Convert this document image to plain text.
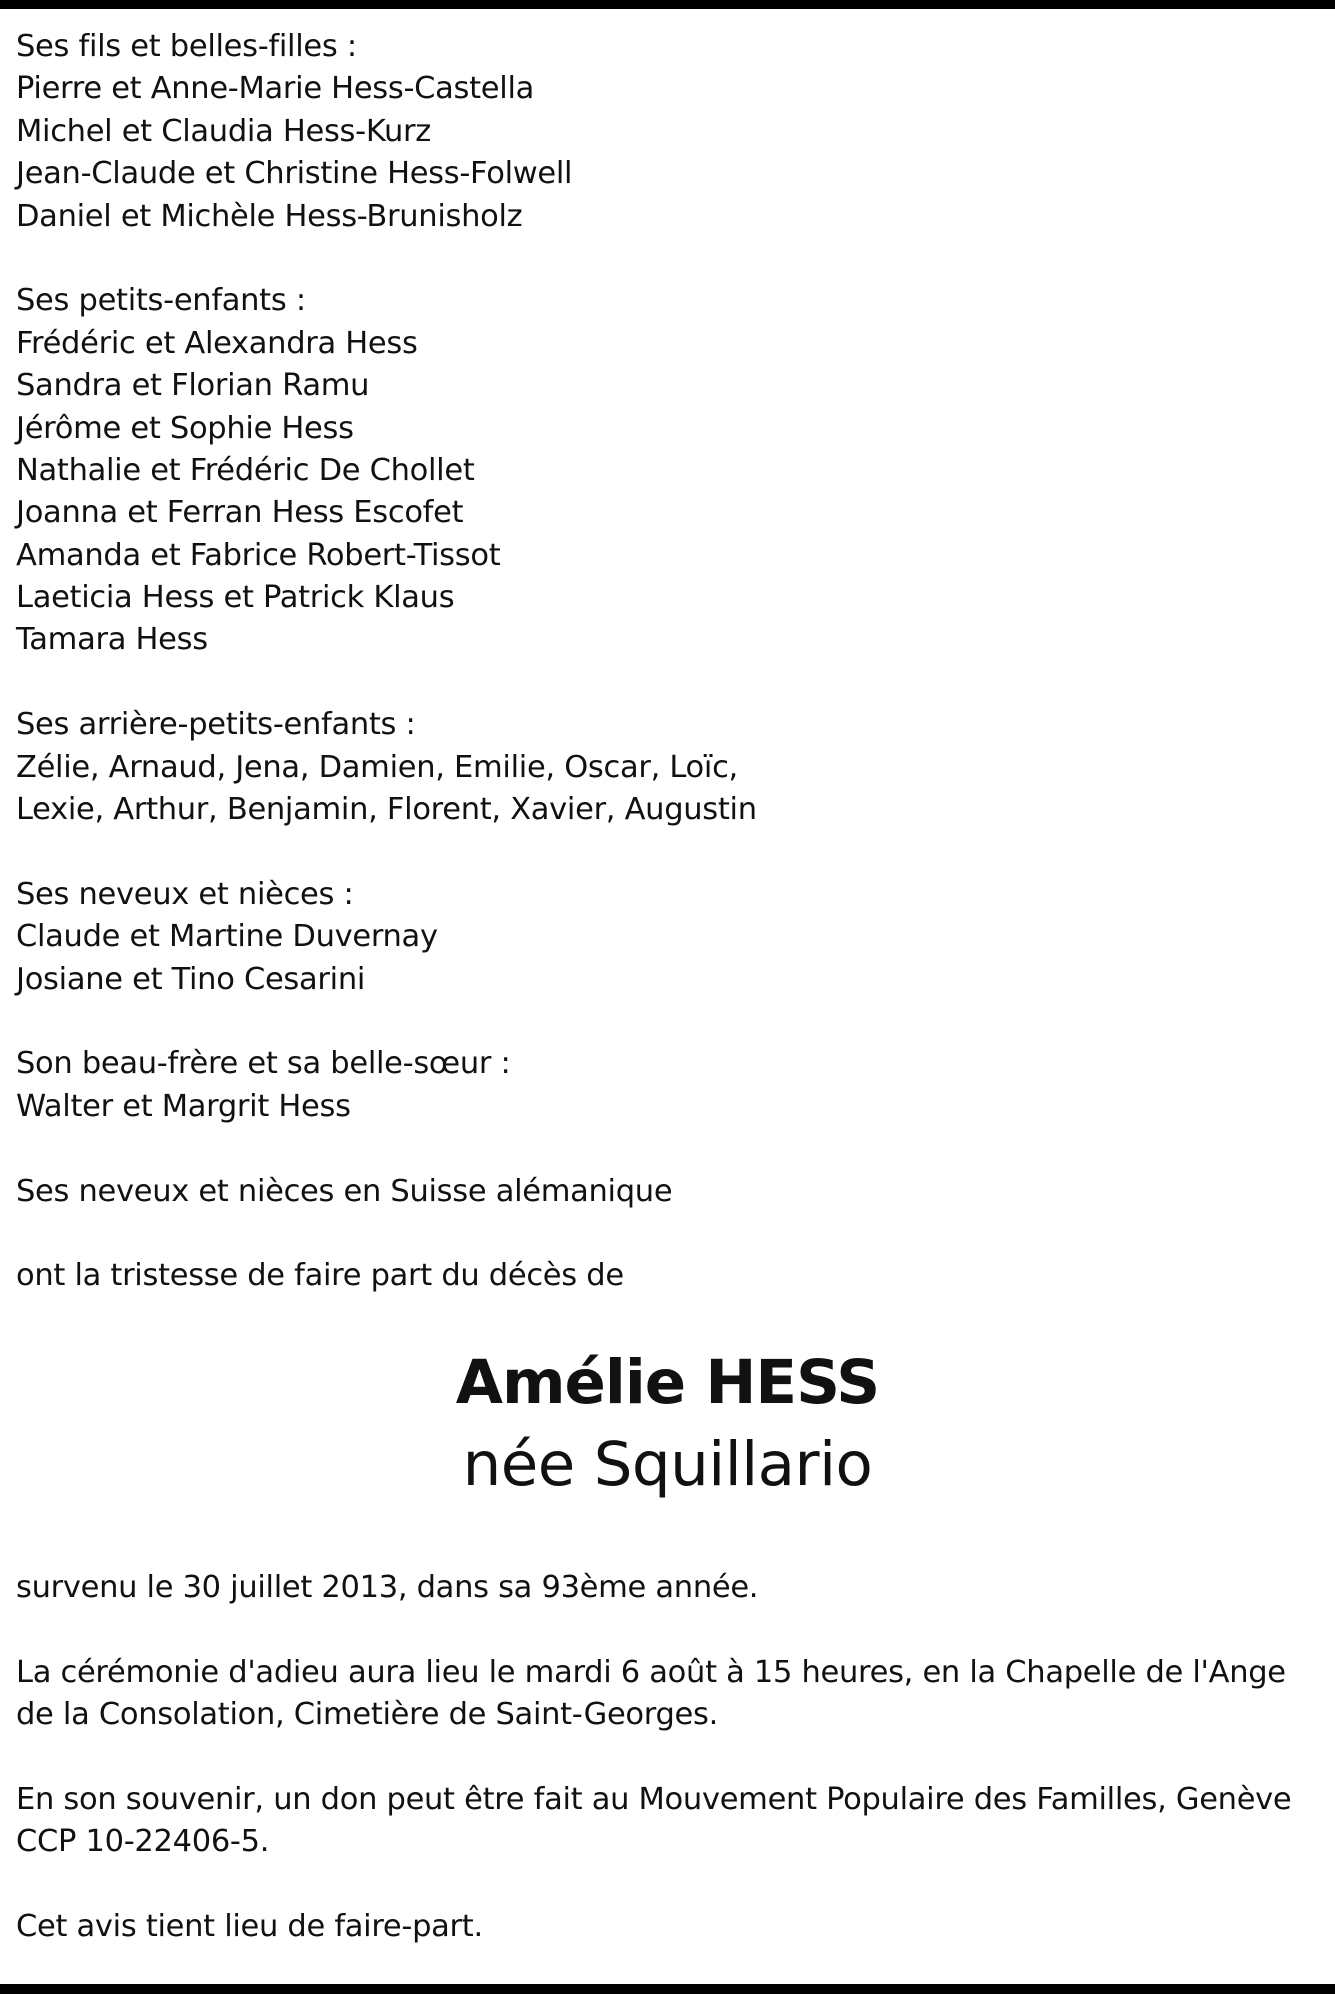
Ses fils et belles-filles :
Pierre et Anne-Marie Hess-Castella
Michel et Claudia Hess-Kurz
Jean-Claude et Christine Hess-Folwell
Daniel et Michèle Hess-Brunisholz
Ses petits-enfants :
Frédéric et Alexandra Hess
Sandra et Florian Ramu
Jérôme et Sophie Hess
Nathalie et Frédéric De Chollet
Joanna et Ferran Hess Escofet
Amanda et Fabrice Robert-Tissot
Laeticia Hess et Patrick Klaus
Tamara Hess
Ses arrière-petits-enfants :
Zélie, Arnaud, Jena, Damien, Emilie, Oscar, Loïc,
Lexie, Arthur, Benjamin, Florent, Xavier, Augustin
Ses neveux et nièces :
Claude et Martine Duvernay
Josiane et Tino Cesarini
Son beau-frère et sa belle-sœur :
Walter et Margrit Hess
Ses neveux et nièces en Suisse alémanique
ont la tristesse de faire part du décès de
Amélie HESS
née Squillario
survenu le 30 juillet 2013, dans sa 93ème année.
La cérémonie d'adieu aura lieu le mardi 6 août à 15 heures, en la Chapelle de l'Ange
de la Consolation, Cimetière de Saint-Georges.
En son souvenir, un don peut être fait au Mouvement Populaire des Familles, Genève
CCP 10-22406-5.
Cet avis tient lieu de faire-part.
